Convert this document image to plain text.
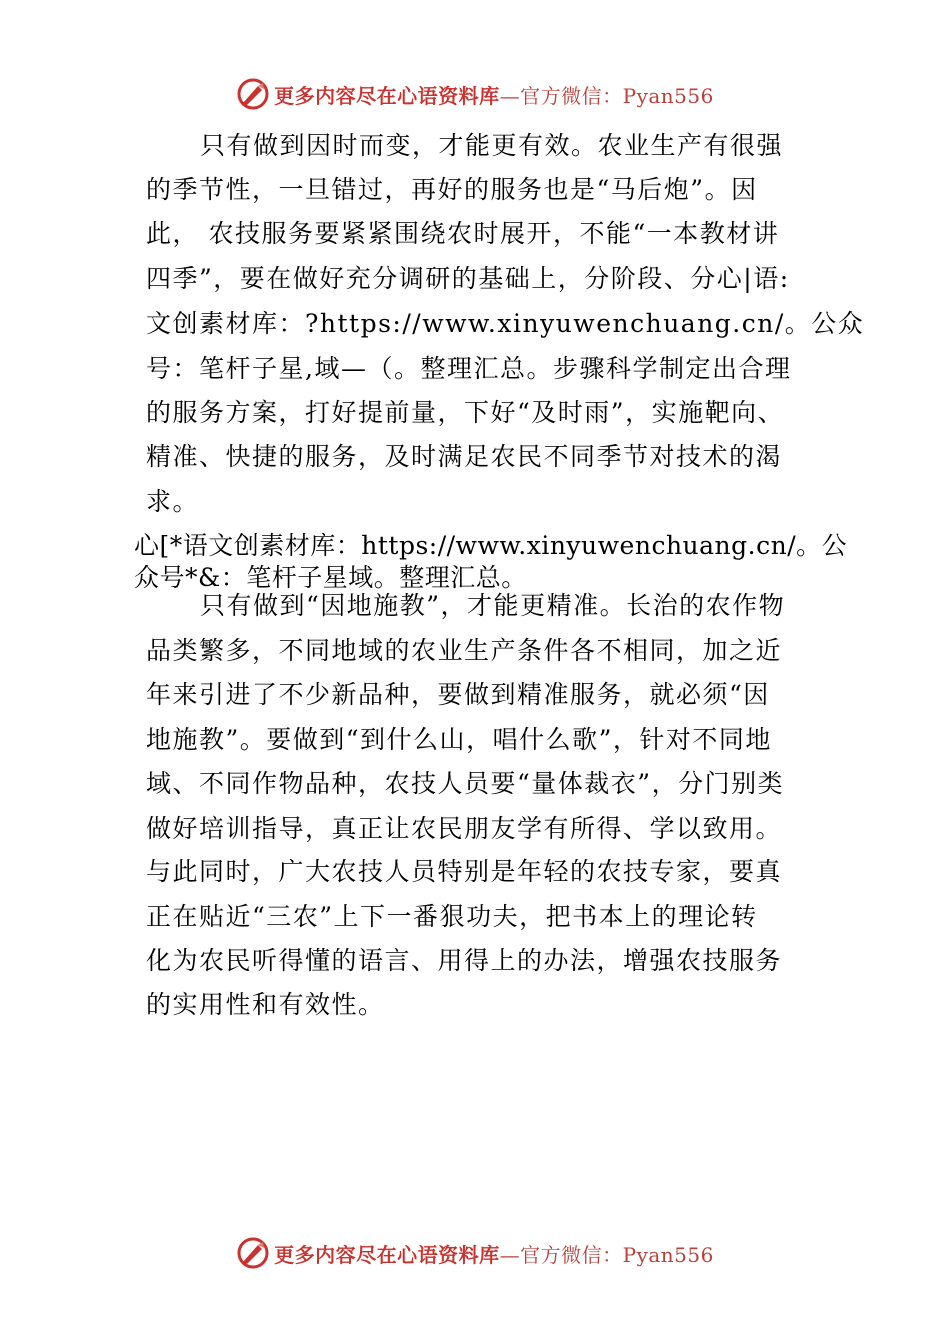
更多内容尽在心语资料库—官方微信：Pyan556
只有做到因时而变，才能更有效。农业生产有很强
的季节性，一旦错过，再好的服务也是“马后炮”。因
此， 农技服务要紧紧围绕农时展开，不能“一本教材讲
四季”，要在做好充分调研的基础上，分阶段、分心|语:
文创素材库：?https://www.xinyuwenchuang.cn/。公众
号：笔杆子星,域—（。整理汇总。步骤科学制定出合理
的服务方案，打好提前量，下好“及时雨”，实施靶向、
精准、快捷的服务，及时满足农民不同季节对技术的渴
求。
心[*语文创素材库：https://www.xinyuwenchuang.cn/。公
众号*&：笔杆子星域。整理汇总。
只有做到“因地施教”，才能更精准。长治的农作物
品类繁多，不同地域的农业生产条件各不相同，加之近
年来引进了不少新品种，要做到精准服务，就必须“因
地施教”。要做到“到什么山，唱什么歌”，针对不同地
域、不同作物品种，农技人员要“量体裁衣”，分门别类
做好培训指导，真正让农民朋友学有所得、学以致用。
与此同时，广大农技人员特别是年轻的农技专家，要真
正在贴近“三农”上下一番狠功夫，把书本上的理论转
化为农民听得懂的语言、用得上的办法，增强农技服务
的实用性和有效性。
更多内容尽在心语资料库—官方微信：Pyan556
